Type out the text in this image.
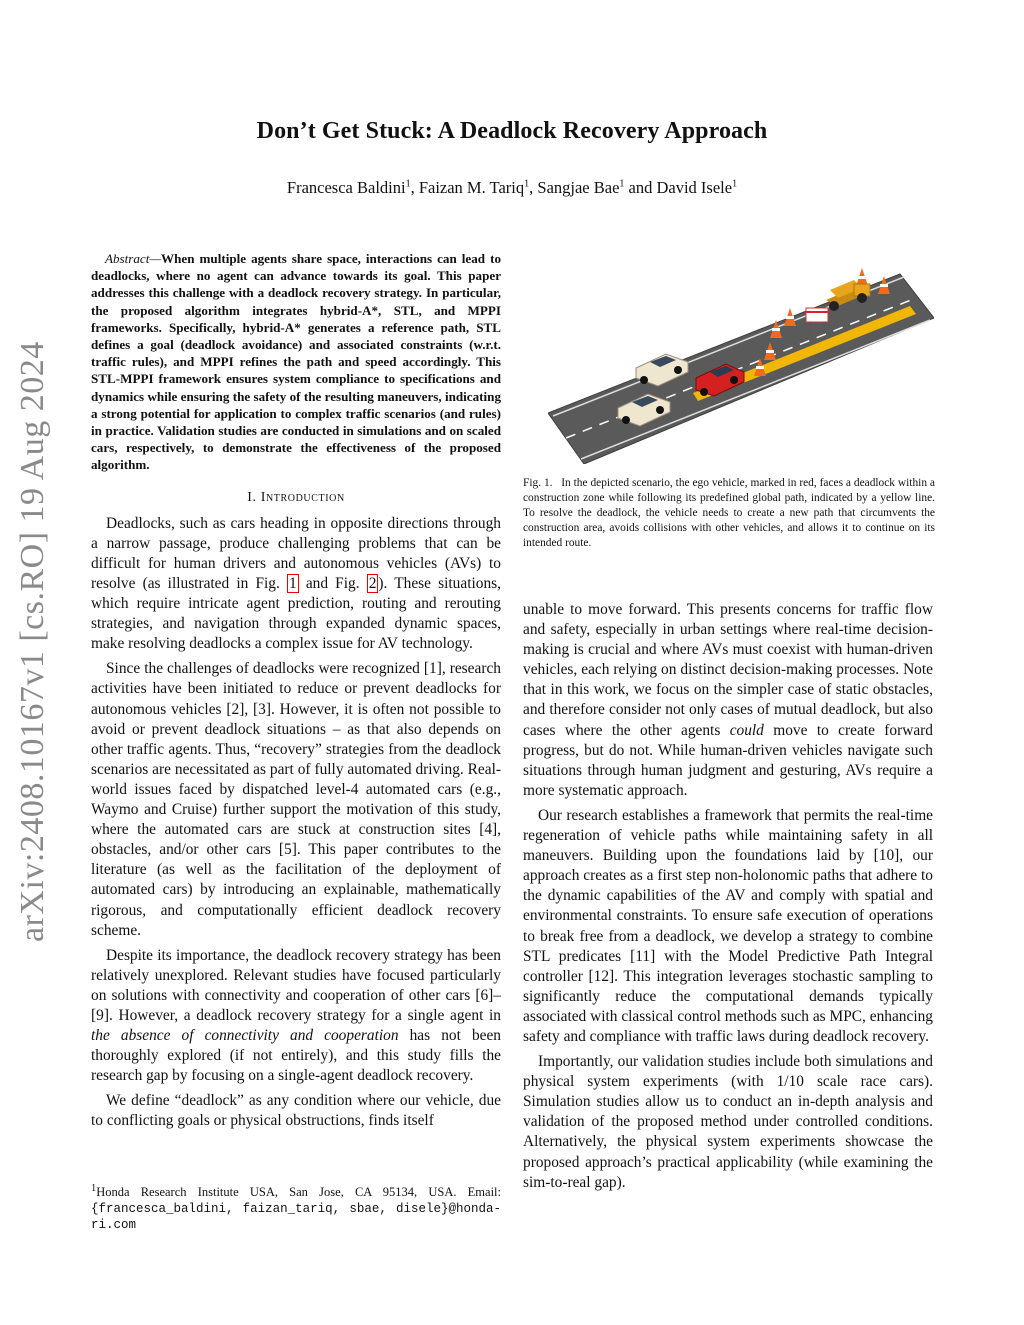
arXiv:2408.10167v1 [cs.RO] 19 Aug 2024
Don’t Get Stuck: A Deadlock Recovery Approach
Francesca Baldini$^1$, Faizan M. Tariq$^1$, Sangjae Bae$^1$ and David Isele$^1$

Abstract—When multiple agents share space, interactions can lead to deadlocks, where no agent can advance towards its goal. This paper addresses this challenge with a deadlock recovery strategy. In particular, the proposed algorithm integrates hybrid-A*, STL, and MPPI frameworks. Specifically, hybrid-A* generates a reference path, STL defines a goal (deadlock avoidance) and associated constraints (w.r.t. traffic rules), and MPPI refines the path and speed accordingly. This STL-MPPI framework ensures system compliance to specifications and dynamics while ensuring the safety of the resulting maneuvers, indicating a strong potential for application to complex traffic scenarios (and rules) in practice. Validation studies are conducted in simulations and on scaled cars, respectively, to demonstrate the effectiveness of the proposed algorithm.

I. Introduction

Deadlocks, such as cars heading in opposite directions through a narrow passage, produce challenging problems that can be difficult for human drivers and autonomous vehicles (AVs) to resolve (as illustrated in Fig. 1 and Fig. 2 ). These situations, which require intricate agent prediction, routing and rerouting strategies, and navigation through expanded dynamic spaces, make resolving deadlocks a complex issue for AV technology.

Since the challenges of deadlocks were recognized [1], research activities have been initiated to reduce or prevent deadlocks for autonomous vehicles [2], [3]. However, it is often not possible to avoid or prevent deadlock situations – as that also depends on other traffic agents. Thus, “recovery” strategies from the deadlock scenarios are necessitated as part of fully automated driving. Real-world issues faced by dispatched level-4 automated cars (e.g., Waymo and Cruise) further support the motivation of this study, where the automated cars are stuck at construction sites [4], obstacles, and/or other cars [5]. This paper contributes to the literature (as well as the facilitation of the deployment of automated cars) by introducing an explainable, mathematically rigorous, and computationally efficient deadlock recovery scheme.

Despite its importance, the deadlock recovery strategy has been relatively unexplored. Relevant studies have focused particularly on solutions with connectivity and cooperation of other cars [6]–[9]. However, a deadlock recovery strategy for a single agent in the absence of connectivity and cooperation has not been thoroughly explored (if not entirely), and this study fills the research gap by focusing on a single-agent deadlock recovery.

We define “deadlock” as any condition where our vehicle, due to conflicting goals or physical obstructions, finds itself

$^1$Honda Research Institute USA, San Jose, CA 95134, USA. Email: {francesca_baldini, faizan_tariq, sbae, disele}@honda-ri.com
Fig. 1. In the depicted scenario, the ego vehicle, marked in red, faces a deadlock within a construction zone while following its predefined global path, indicated by a yellow line. To resolve the deadlock, the vehicle needs to create a new path that circumvents the construction area, avoids collisions with other vehicles, and allows it to continue on its intended route.

unable to move forward. This presents concerns for traffic flow and safety, especially in urban settings where real-time decision-making is crucial and where AVs must coexist with human-driven vehicles, each relying on distinct decision-making processes. Note that in this work, we focus on the simpler case of static obstacles, and therefore consider not only cases of mutual deadlock, but also cases where the other agents could move to create forward progress, but do not. While human-driven vehicles navigate such situations through human judgment and gesturing, AVs require a more systematic approach.

Our research establishes a framework that permits the real-time regeneration of vehicle paths while maintaining safety in all maneuvers. Building upon the foundations laid by [10], our approach creates as a first step non-holonomic paths that adhere to the dynamic capabilities of the AV and comply with spatial and environmental constraints. To ensure safe execution of operations to break free from a deadlock, we develop a strategy to combine STL predicates [11] with the Model Predictive Path Integral controller [12]. This integration leverages stochastic sampling to significantly reduce the computational demands typically associated with classical control methods such as MPC, enhancing safety and compliance with traffic laws during deadlock recovery.

Importantly, our validation studies include both simulations and physical system experiments (with 1/10 scale race cars). Simulation studies allow us to conduct an in-depth analysis and validation of the proposed method under controlled conditions. Alternatively, the physical system experiments showcase the proposed approach’s practical applicability (while examining the sim-to-real gap).
